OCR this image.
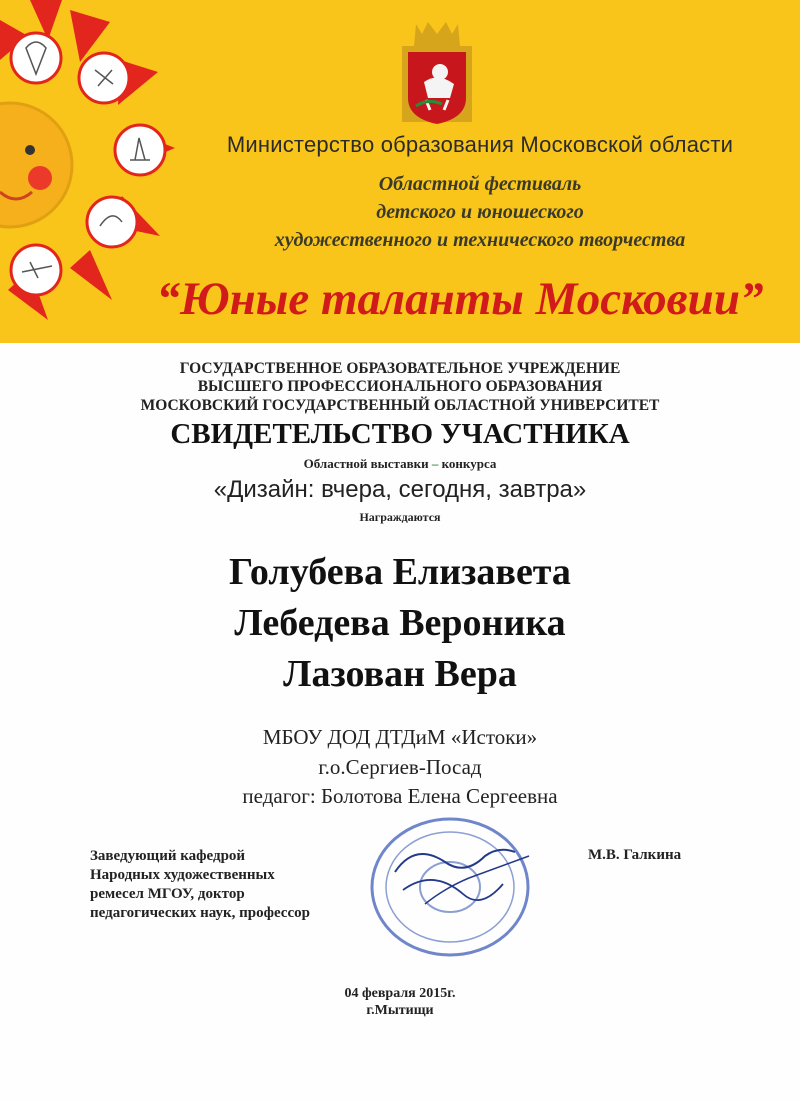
Министерство образования Московской области
Областной фестиваль
детского и юношеского
художественного и технического творчества
“Юные таланты Московии”
ГОСУДАРСТВЕННОЕ ОБРАЗОВАТЕЛЬНОЕ УЧРЕЖДЕНИЕ
ВЫСШЕГО ПРОФЕССИОНАЛЬНОГО ОБРАЗОВАНИЯ
МОСКОВСКИЙ ГОСУДАРСТВЕННЫЙ ОБЛАСТНОЙ УНИВЕРСИТЕТ
СВИДЕТЕЛЬСТВО УЧАСТНИКА
Областной выставки – конкурса
«Дизайн: вчера, сегодня, завтра»
Награждаются
Голубева Елизавета
Лебедева Вероника
Лазован Вера
МБОУ ДОД ДТДиМ «Истоки»
г.о.Сергиев-Посад
педагог: Болотова Елена Сергеевна
Заведующий кафедрой
Народных художественных
ремесел МГОУ, доктор
педагогических наук, профессор
М.В. Галкина
04 февраля 2015г.
г.Мытищи
